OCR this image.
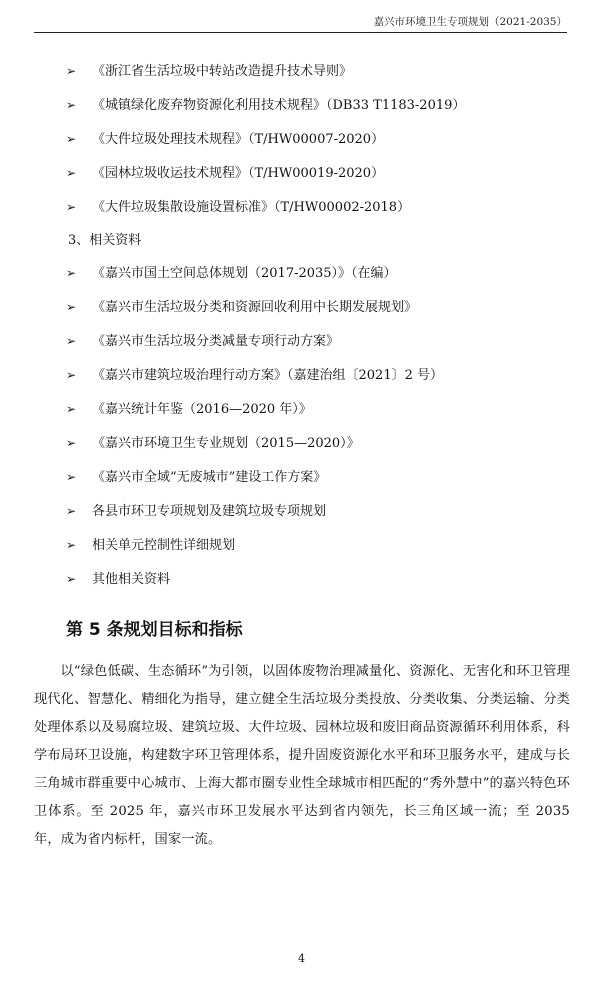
嘉兴市环境卫生专项规划（2021-2035）
➢ 《浙江省生活垃圾中转站改造提升技术导则》
➢ 《城镇绿化废弃物资源化利用技术规程》（DB33 T1183-2019）
➢ 《大件垃圾处理技术规程》（T/HW00007-2020）
➢ 《园林垃圾收运技术规程》（T/HW00019-2020）
➢ 《大件垃圾集散设施设置标准》（T/HW00002-2018）
3、相关资料
➢ 《嘉兴市国土空间总体规划（2017-2035）》（在编）
➢ 《嘉兴市生活垃圾分类和资源回收利用中长期发展规划》
➢ 《嘉兴市生活垃圾分类减量专项行动方案》
➢ 《嘉兴市建筑垃圾治理行动方案》（嘉建治组〔2021〕2 号）
➢ 《嘉兴统计年鉴（2016—2020 年）》
➢ 《嘉兴市环境卫生专业规划（2015—2020）》
➢ 《嘉兴市全域“无废城市”建设工作方案》
➢ 各县市环卫专项规划及建筑垃圾专项规划
➢ 相关单元控制性详细规划
➢ 其他相关资料
第 5 条规划目标和指标

以“绿色低碳、生态循环”为引领，以固体废物治理减量化、资源化、无害化和环卫管理现代化、智慧化、精细化为指导，建立健全生活垃圾分类投放、分类收集、分类运输、分类处理体系以及易腐垃圾、建筑垃圾、大件垃圾、园林垃圾和废旧商品资源循环利用体系，科学布局环卫设施，构建数字环卫管理体系，提升固废资源化水平和环卫服务水平，建成与长三角城市群重要中心城市、上海大都市圈专业性全球城市相匹配的“秀外慧中”的嘉兴特色环卫体系。至 2025 年，嘉兴市环卫发展水平达到省内领先，长三角区域一流；至 2035 年，成为省内标杆，国家一流。

4
